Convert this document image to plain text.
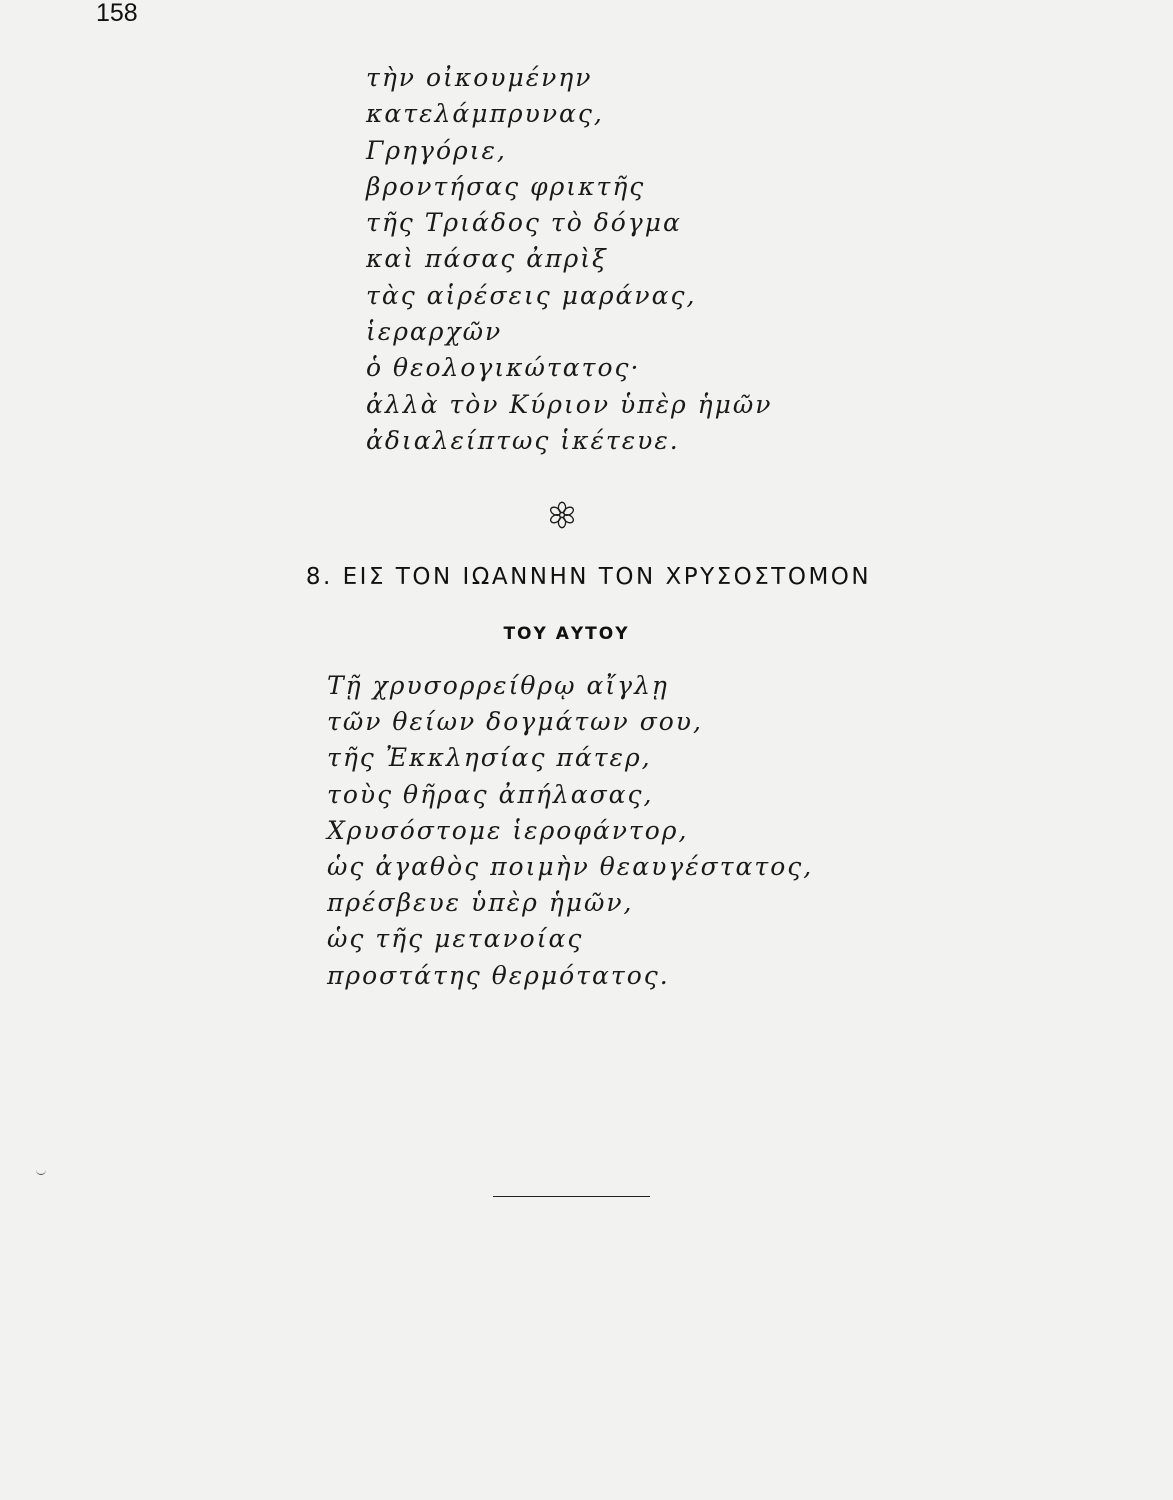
158
τὴν οἰκουμένην
κατελάμπρυνας,
Γρηγόριε,
βροντήσας φρικτῆς
τῆς Τριάδος τὸ δόγμα
καὶ πάσας ἀπρὶξ
τὰς αἱρέσεις μαράνας,
ἱεραρχῶν
ὁ θεολογικώτατος·
ἀλλὰ τὸν Κύριον ὑπὲρ ἡμῶν
ἀδιαλείπτως ἱκέτευε.
8. ΕΙΣ ΤΟΝ ΙΩΑΝΝΗΝ ΤΟΝ ΧΡΥΣΟΣΤΟΜΟΝ
ΤΟΥ ΑΥΤΟΥ
Τῇ χρυσορρείθρῳ αἴγλῃ
τῶν θείων δογμάτων σου,
τῆς Ἐκκλησίας πάτερ,
τοὺς θῆρας ἀπήλασας,
Χρυσόστομε ἱεροφάντορ,
ὡς ἀγαθὸς ποιμὴν θεαυγέστατος,
πρέσβευε ὑπὲρ ἡμῶν,
ὡς τῆς μετανοίας
προστάτης θερμότατος.
